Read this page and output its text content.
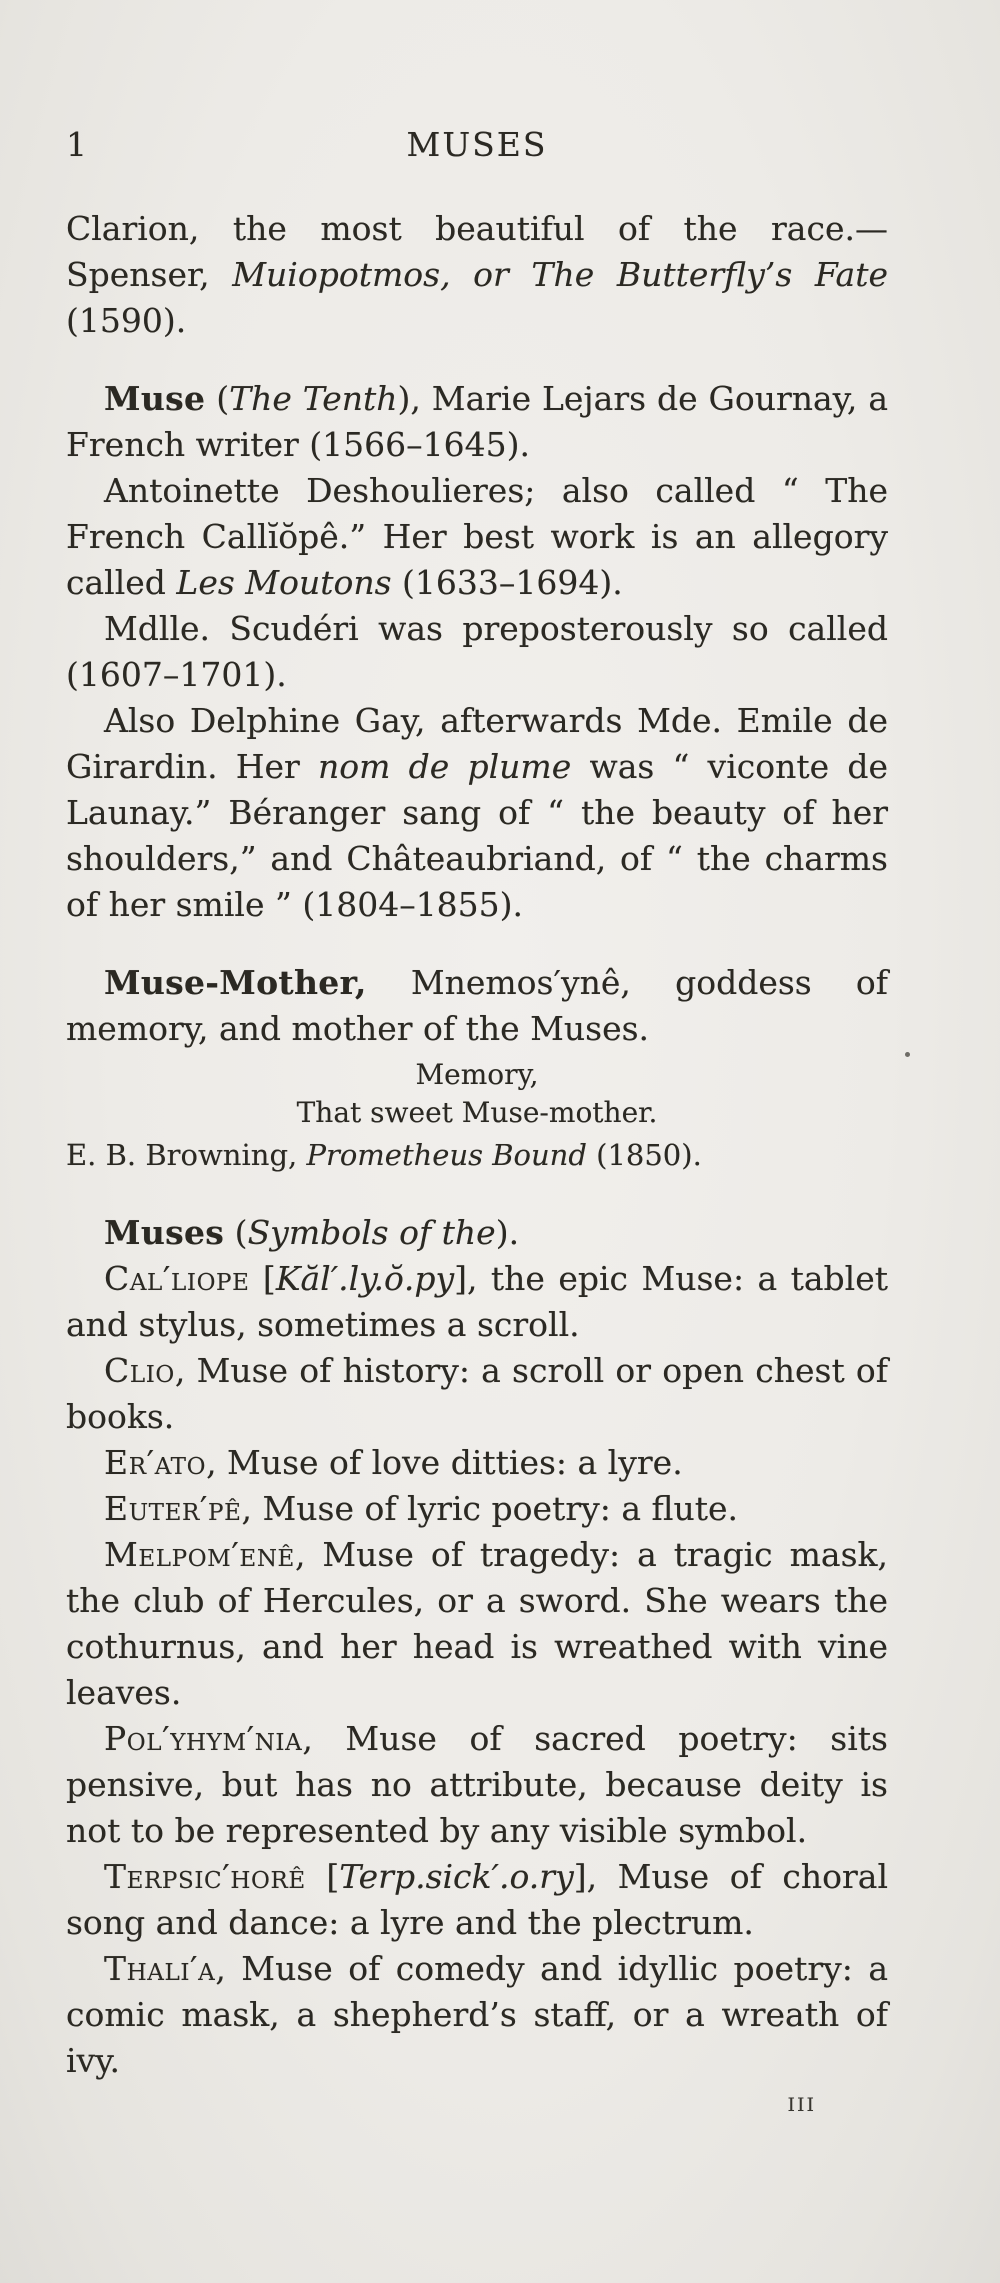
1	MUSES

Clarion, the most beautiful of the race.— Spenser, Muiopotmos, or The Butterfly’s Fate (1590).

Muse (The Tenth), Marie Lejars de Gournay, a French writer (1566–1645).

Antoinette Deshoulieres; also called “ The French Callĭŏpê.” Her best work is an allegory called Les Moutons (1633–1694).

Mdlle. Scudéri was preposterously so called (1607–1701).

Also Delphine Gay, afterwards Mde. Emile de Girardin. Her nom de plume was “ viconte de Launay.” Béranger sang of “ the beauty of her shoulders,” and Châteaubriand, of “ the charms of her smile ” (1804–1855).

Muse-Mother, Mnemos′ynê, goddess of memory, and mother of the Muses.

Memory,
That sweet Muse-mother.
E. B. Browning, Prometheus Bound (1850).

Muses (Symbols of the).

Cal′liope [Kăl′.ly.ŏ.py], the epic Muse: a tablet and stylus, sometimes a scroll.

Clio, Muse of history: a scroll or open chest of books.

Er′ato, Muse of love ditties: a lyre.

Euter′pê, Muse of lyric poetry: a flute.

Melpom′enê, Muse of tragedy: a tragic mask, the club of Hercules, or a sword. She wears the cothurnus, and her head is wreathed with vine leaves.

Pol′yhym′nia, Muse of sacred poetry: sits pensive, but has no attribute, because deity is not to be represented by any visible symbol.

Terpsic′horê [Terp.sick′.o.ry], Muse of choral song and dance: a lyre and the plectrum.

Thali′a, Muse of comedy and idyllic poetry: a comic mask, a shepherd’s staff, or a wreath of ivy.

III
